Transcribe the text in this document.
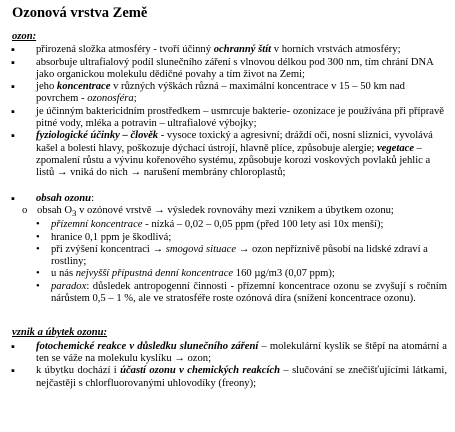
Ozonová vrstva Země
ozon:
▪ přirozená složka atmosféry - tvoří účinný ochranný štít v horních vrstvách atmosféry;
▪ absorbuje ultrafialový podíl slunečního záření s vlnovou délkou pod 300 nm, tím chrání DNA jako organickou molekulu dědičné povahy a tím život na Zemi;
▪ jeho koncentrace v různých výškách různá – maximální koncentrace v 15 – 50 km nad povrchem - ozonosféra;
▪ je účinným baktericidním prostředkem – usmrcuje bakterie- ozonizace je používána při přípravě pitné vody, mléka a potravin – ultrafialové výbojky;
▪ fyziologické účinky – člověk - vysoce toxický a agresivní; dráždí oči, nosní sliznici, vyvolává kašel a bolesti hlavy, poškozuje dýchací ústrojí, hlavně plíce, způsobuje alergie; vegetace – zpomalení růstu a vývinu kořenového systému, způsobuje korozi voskových povlaků jehlic a listů → vniká do nich → narušení membrány chloroplastů;
▪ obsah ozonu:
o obsah $O_3$ v ozónové vrstvě → výsledek rovnováhy mezi vznikem a úbytkem ozonu;
• přízemní koncentrace - nízká – 0,02 – 0,05 ppm (před 100 lety asi 10x menší);
• hranice 0,1 ppm je škodlivá;
• při zvýšení koncentraci → smogová situace → ozon nepříznivě působí na lidské zdraví a rostliny;
• u nás nejvyšší přípustná denní koncentrace 160 µg/m3 (0,07 ppm);
• paradox: důsledek antropogenní činnosti - přízemní koncentrace ozonu se zvyšují s ročním nárůstem 0,5 – 1 %, ale ve stratosféře roste ozónová díra (snížení koncentrace ozonu).
vznik a úbytek ozonu:
▪ fotochemické reakce v důsledku slunečního záření – molekulární kyslík se štěpí na atomární a ten se váže na molekulu kyslíku → ozon;
▪ k úbytku dochází i účastí ozonu v chemických reakcích – slučování se znečišťujícími látkami, nejčastěji s chlorfluorovanými uhlovodíky (freony);
